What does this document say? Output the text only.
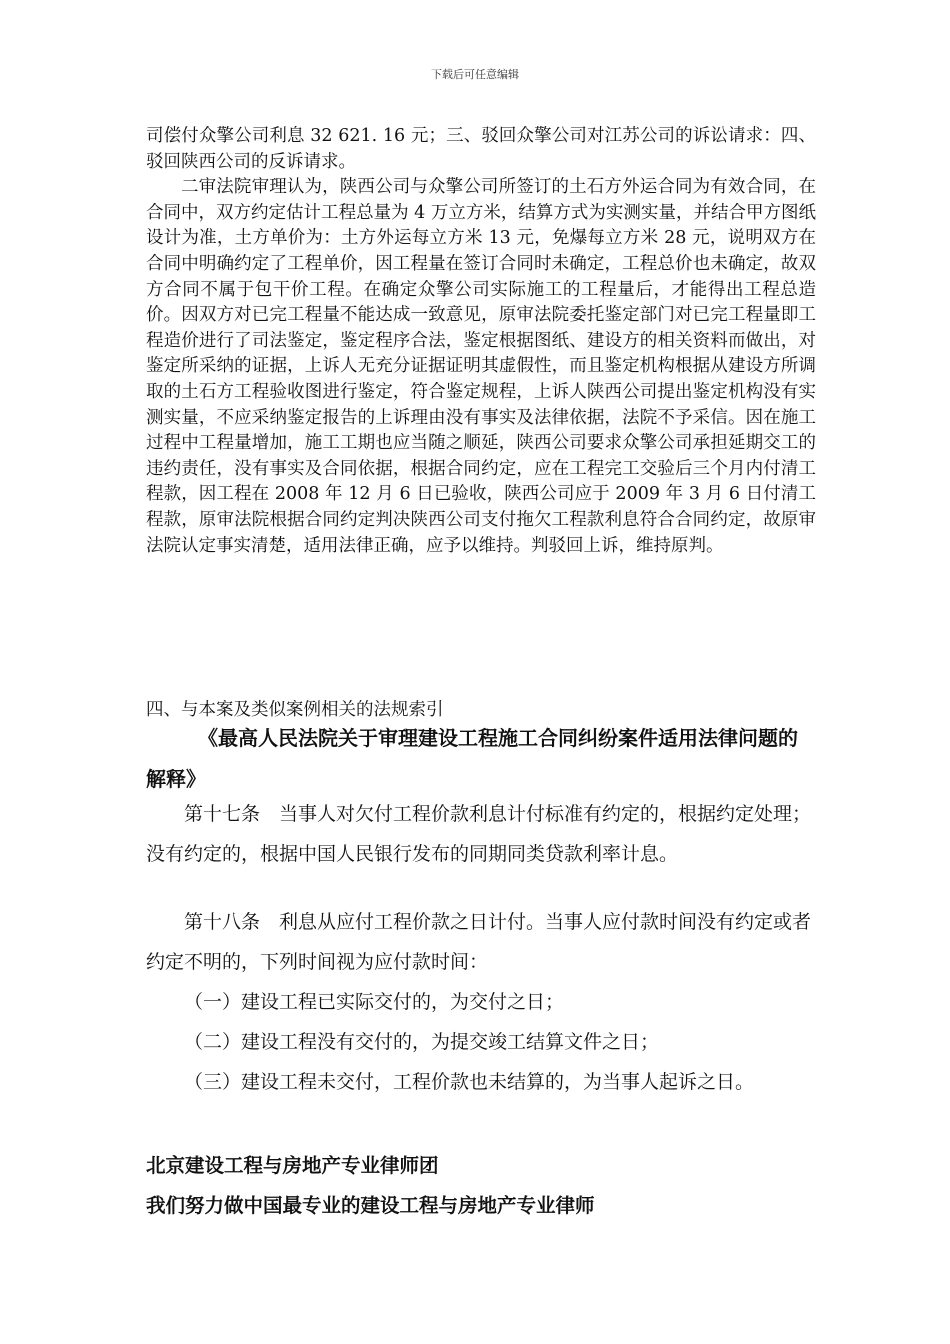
下载后可任意编辑

司偿付众擎公司利息 32 621. 16 元；三、驳回众擎公司对江苏公司的诉讼请求：四、驳回陕西公司的反诉请求。

二审法院审理认为，陕西公司与众擎公司所签订的土石方外运合同为有效合同，在合同中，双方约定估计工程总量为 4 万立方米，结算方式为实测实量，并结合甲方图纸设计为准，土方单价为：土方外运每立方米 13 元，免爆每立方米 28 元，说明双方在合同中明确约定了工程单价，因工程量在签订合同时未确定，工程总价也未确定，故双方合同不属于包干价工程。在确定众擎公司实际施工的工程量后，才能得出工程总造价。因双方对已完工程量不能达成一致意见，原审法院委托鉴定部门对已完工程量即工程造价进行了司法鉴定，鉴定程序合法，鉴定根据图纸、建设方的相关资料而做出，对鉴定所采纳的证据，上诉人无充分证据证明其虚假性，而且鉴定机构根据从建设方所调取的土石方工程验收图进行鉴定，符合鉴定规程，上诉人陕西公司提出鉴定机构没有实测实量，不应采纳鉴定报告的上诉理由没有事实及法律依据，法院不予采信。因在施工过程中工程量增加，施工工期也应当随之顺延，陕西公司要求众擎公司承担延期交工的违约责任，没有事实及合同依据，根据合同约定，应在工程完工交验后三个月内付清工程款，因工程在 2008 年 12 月 6 日已验收，陕西公司应于 2009 年 3 月 6 日付清工程款，原审法院根据合同约定判决陕西公司支付拖欠工程款利息符合合同约定，故原审法院认定事实清楚，适用法律正确，应予以维持。判驳回上诉，维持原判。

四、与本案及类似案例相关的法规索引
《最高人民法院关于审理建设工程施工合同纠纷案件适用法律问题的解释》

第十七条　当事人对欠付工程价款利息计付标准有约定的，根据约定处理；没有约定的，根据中国人民银行发布的同期同类贷款利率计息。

第十八条　利息从应付工程价款之日计付。当事人应付款时间没有约定或者约定不明的，下列时间视为应付款时间：

（一）建设工程已实际交付的，为交付之日；

（二）建设工程没有交付的，为提交竣工结算文件之日；

（三）建设工程未交付，工程价款也未结算的，为当事人起诉之日。

北京建设工程与房地产专业律师团
我们努力做中国最专业的建设工程与房地产专业律师
